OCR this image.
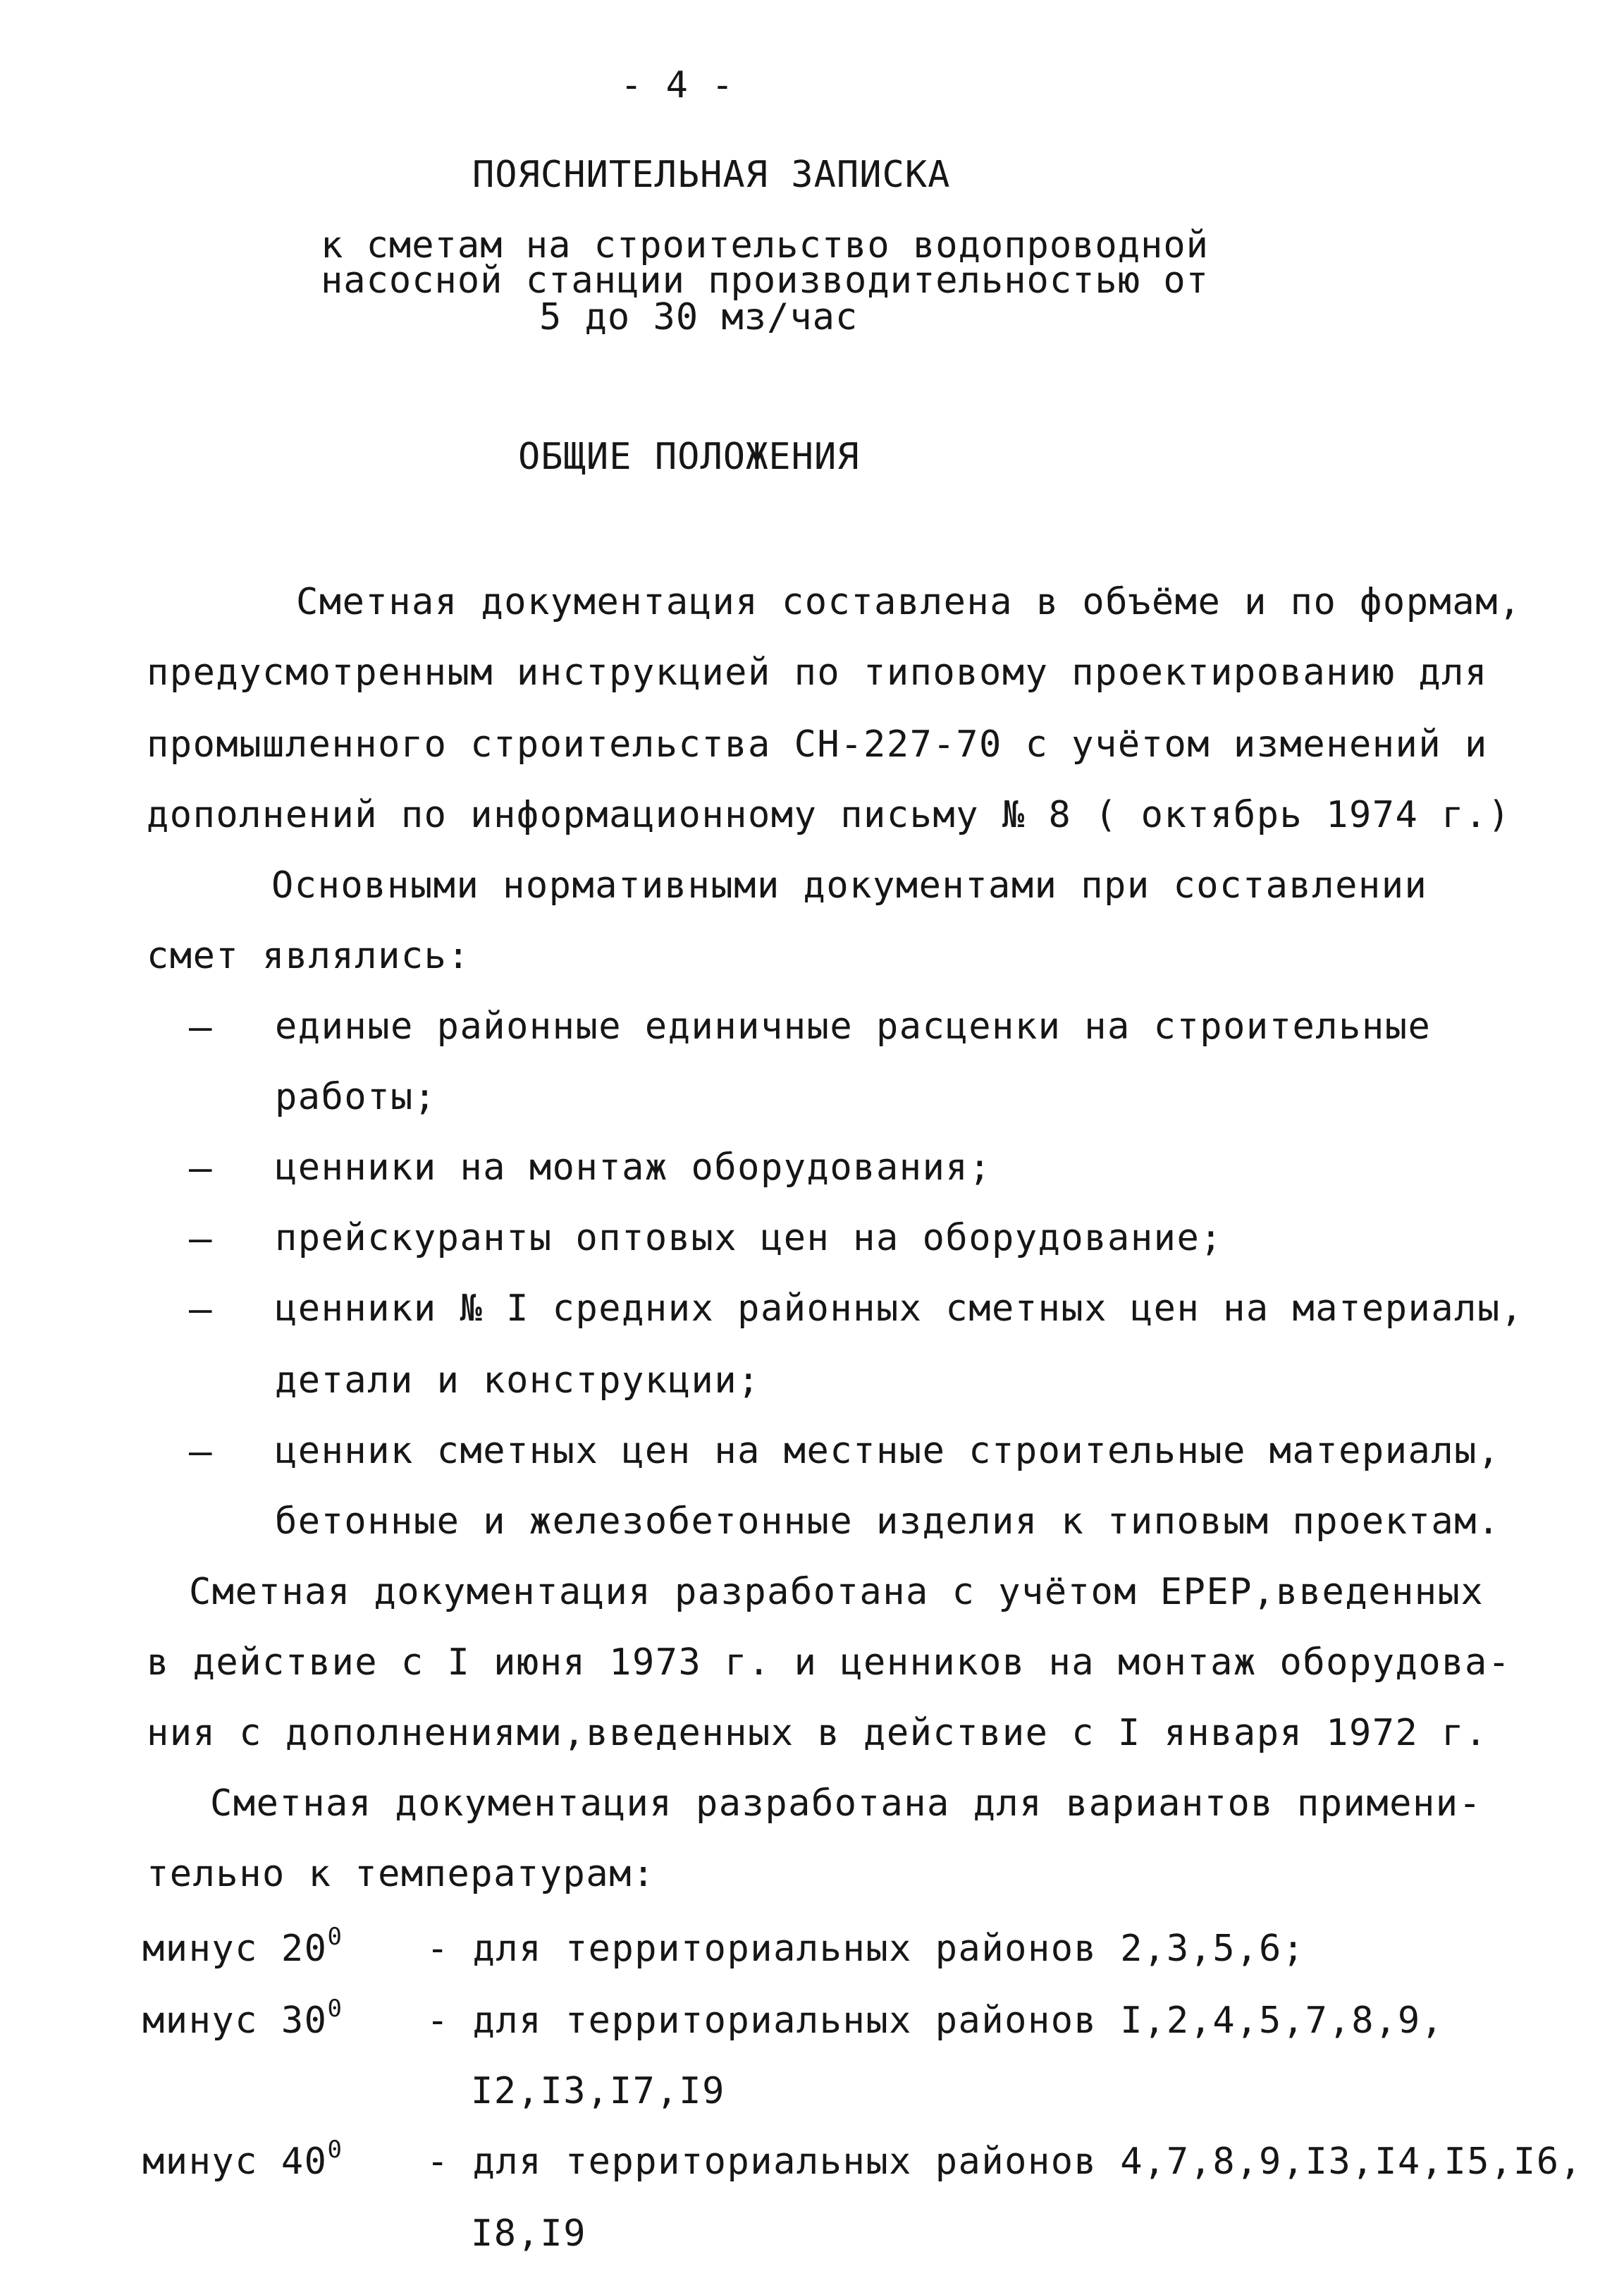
- 4 -
ПОЯСНИТЕЛЬНАЯ ЗАПИСКА
к сметам на строительство водопроводной
насосной станции производительностью от
5 до 30 мз/час
ОБЩИЕ ПОЛОЖЕНИЯ
Сметная документация составлена в объёме и по формам,
предусмотренным инструкцией по типовому проектированию для
промышленного строительства СН-227-70 с учётом изменений и
дополнений по информационному письму № 8 ( октябрь 1974 г.)
Основными нормативными документами при составлении
смет являлись:
– единые районные единичные расценки на строительные
работы;
– ценники на монтаж оборудования;
– прейскуранты оптовых цен на оборудование;
– ценники № I средних районных сметных цен на материалы,
детали и конструкции;
– ценник сметных цен на местные строительные материалы,
бетонные и железобетонные изделия к типовым проектам.
Сметная документация разработана с учётом ЕРЕР,введенных
в действие с I июня 1973 г. и ценников на монтаж оборудова-
ния с дополнениями,введенных в действие с I января 1972 г.
Сметная документация разработана для вариантов примени-
тельно к температурам:
минус $20^0$ - для территориальных районов 2,3,5,6;
минус $30^0$ - для территориальных районов I,2,4,5,7,8,9,
I2,I3,I7,I9
минус $40^0$ - для территориальных районов 4,7,8,9,I3,I4,I5,I6,
I8,I9
